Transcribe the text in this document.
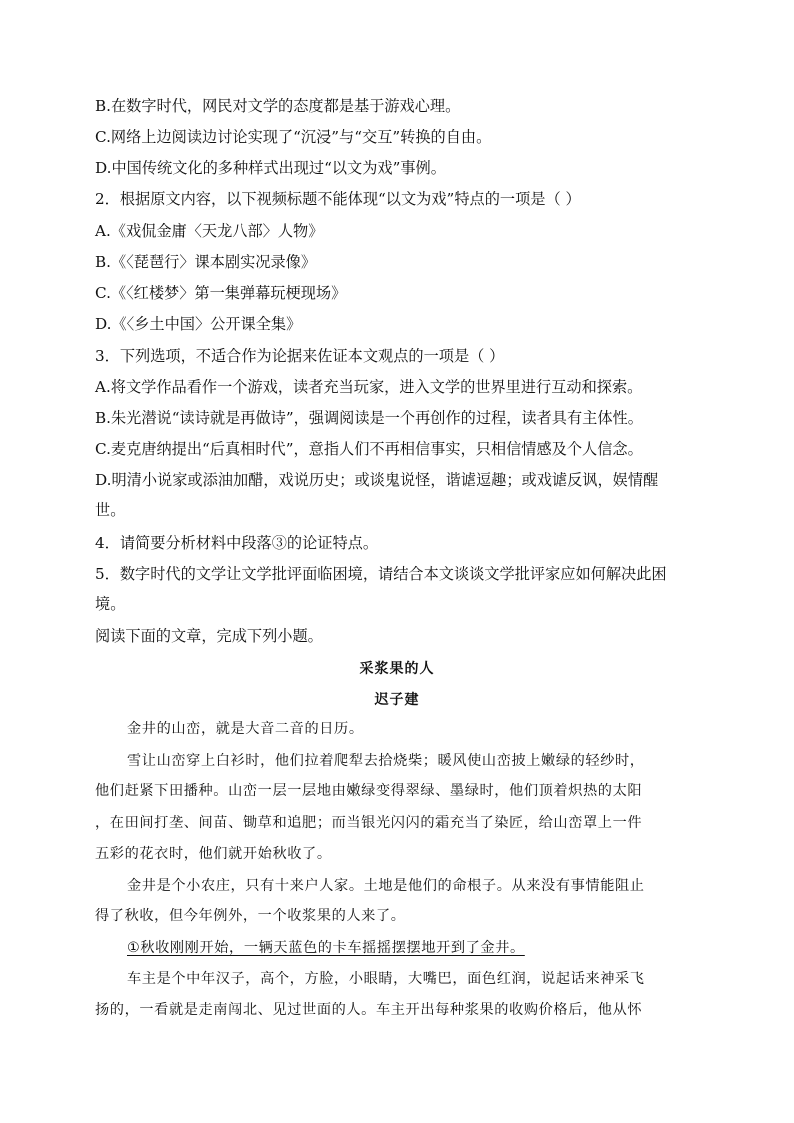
B.在数字时代，网民对文学的态度都是基于游戏心理。
C.网络上边阅读边讨论实现了“沉浸”与“交互”转换的自由。
D.中国传统文化的多种样式出现过“以文为戏”事例。
2．根据原文内容，以下视频标题不能体现“以文为戏”特点的一项是（ ）
A.《戏侃金庸〈天龙八部〉人物》
B.《〈琵琶行〉课本剧实况录像》
C.《〈红楼梦〉第一集弹幕玩梗现场》
D.《〈乡土中国〉公开课全集》
3．下列选项，不适合作为论据来佐证本文观点的一项是（ ）
A.将文学作品看作一个游戏，读者充当玩家，进入文学的世界里进行互动和探索。
B.朱光潜说“读诗就是再做诗”，强调阅读是一个再创作的过程，读者具有主体性。
C.麦克唐纳提出“后真相时代”，意指人们不再相信事实，只相信情感及个人信念。
D.明清小说家或添油加醋，戏说历史；或谈鬼说怪，谐谑逗趣；或戏谑反讽，娱情醒
世。
4．请简要分析材料中段落③的论证特点。
5．数字时代的文学让文学批评面临困境，请结合本文谈谈文学批评家应如何解决此困
境。
阅读下面的文章，完成下列小题。
采浆果的人
迟子建
金井的山峦，就是大音二音的日历。
雪让山峦穿上白衫时，他们拉着爬犁去拾烧柴；暖风使山峦披上嫩绿的轻纱时，
他们赶紧下田播种。山峦一层一层地由嫩绿变得翠绿、墨绿时，他们顶着炽热的太阳
，在田间打垄、间苗、锄草和追肥；而当银光闪闪的霜充当了染匠，给山峦罩上一件
五彩的花衣时，他们就开始秋收了。
金井是个小农庄，只有十来户人家。土地是他们的命根子。从来没有事情能阻止
得了秋收，但今年例外，一个收浆果的人来了。
①秋收刚刚开始，一辆天蓝色的卡车摇摇摆摆地开到了金井。
车主是个中年汉子，高个，方脸，小眼睛，大嘴巴，面色红润，说起话来神采飞
扬的，一看就是走南闯北、见过世面的人。车主开出每种浆果的收购价格后，他从怀
